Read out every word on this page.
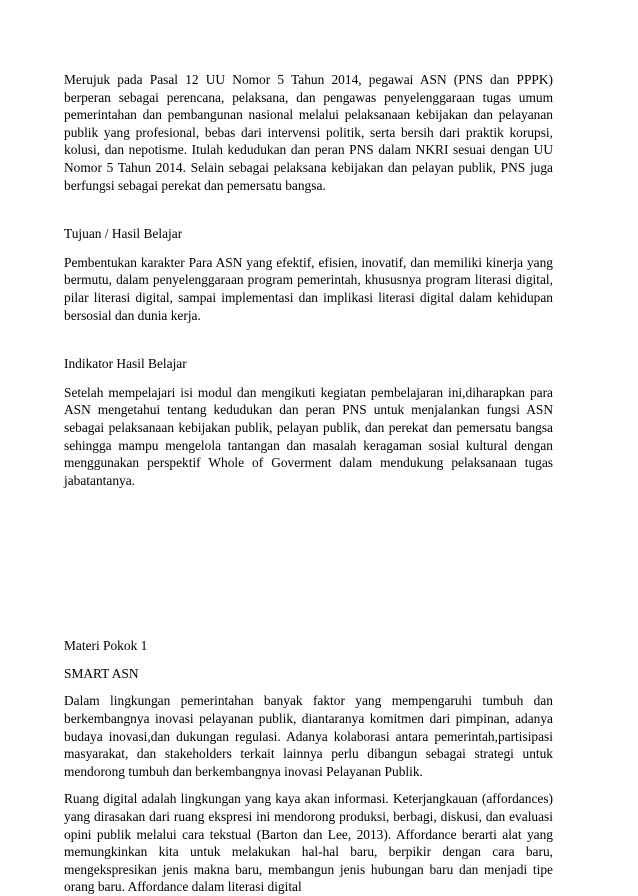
Merujuk pada Pasal 12 UU Nomor 5 Tahun 2014, pegawai ASN (PNS dan PPPK) berperan sebagai perencana, pelaksana, dan pengawas penyelenggaraan tugas umum pemerintahan dan pembangunan nasional melalui pelaksanaan kebijakan dan pelayanan publik yang profesional, bebas dari intervensi politik, serta bersih dari praktik korupsi, kolusi, dan nepotisme. Itulah kedudukan dan peran PNS dalam NKRI sesuai dengan UU Nomor 5 Tahun 2014. Selain sebagai pelaksana kebijakan dan pelayan publik, PNS juga berfungsi sebagai perekat dan pemersatu bangsa.

Tujuan / Hasil Belajar

Pembentukan karakter Para ASN yang efektif, efisien, inovatif, dan memiliki kinerja yang bermutu, dalam penyelenggaraan program pemerintah, khususnya program literasi digital, pilar literasi digital, sampai implementasi dan implikasi literasi digital dalam kehidupan bersosial dan dunia kerja.

Indikator Hasil Belajar

Setelah mempelajari isi modul dan mengikuti kegiatan pembelajaran ini,diharapkan para ASN mengetahui tentang kedudukan dan peran PNS untuk menjalankan fungsi ASN sebagai pelaksanaan kebijakan publik, pelayan publik, dan perekat dan pemersatu bangsa sehingga mampu mengelola tantangan dan masalah keragaman sosial kultural dengan menggunakan perspektif Whole of Goverment dalam mendukung pelaksanaan tugas jabatantanya.

Materi Pokok 1

SMART ASN

Dalam lingkungan pemerintahan banyak faktor yang mempengaruhi tumbuh dan berkembangnya inovasi pelayanan publik, diantaranya komitmen dari pimpinan, adanya budaya inovasi,dan dukungan regulasi. Adanya kolaborasi antara pemerintah,partisipasi masyarakat, dan stakeholders terkait lainnya perlu dibangun sebagai strategi untuk mendorong tumbuh dan berkembangnya inovasi Pelayanan Publik.

Ruang digital adalah lingkungan yang kaya akan informasi. Keterjangkauan (affordances) yang dirasakan dari ruang ekspresi ini mendorong produksi, berbagi, diskusi, dan evaluasi opini publik melalui cara tekstual (Barton dan Lee, 2013). Affordance berarti alat yang memungkinkan kita untuk melakukan hal-hal baru, berpikir dengan cara baru, mengekspresikan jenis makna baru, membangun jenis hubungan baru dan menjadi tipe orang baru. Affordance dalam literasi digital
